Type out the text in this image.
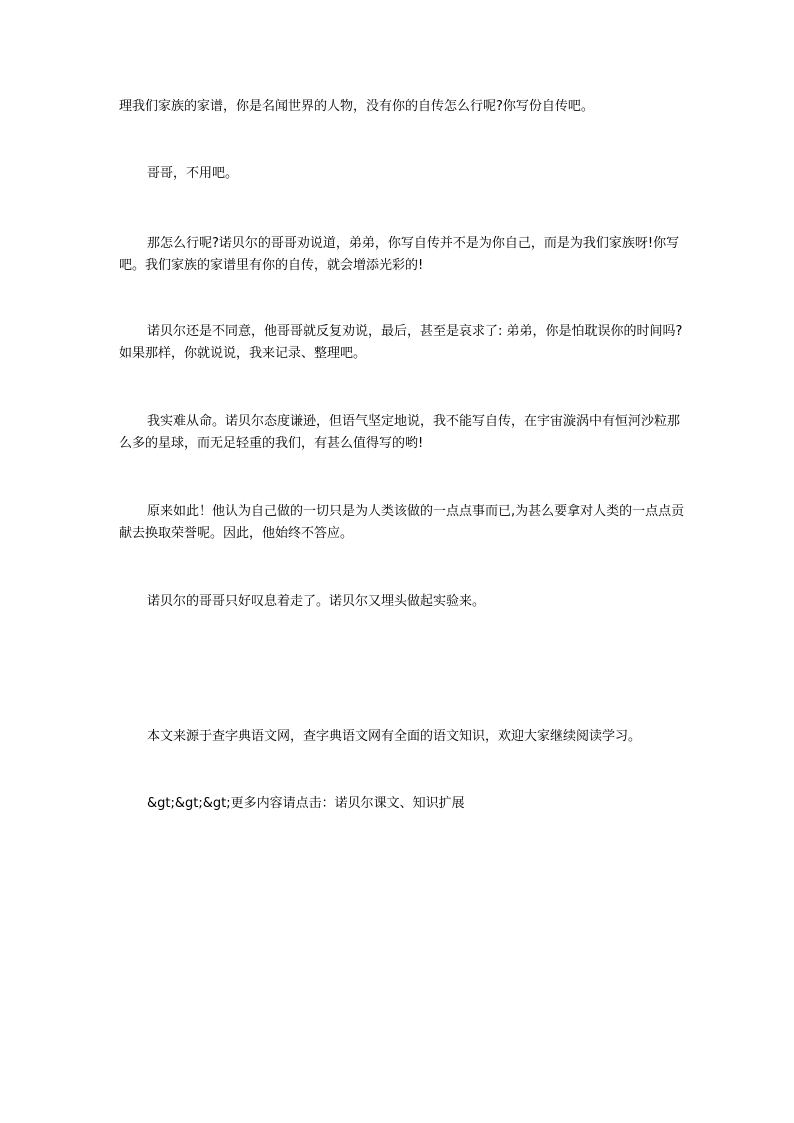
理我们家族的家谱，你是名闻世界的人物，没有你的自传怎么行呢?你写份自传吧。

哥哥，不用吧。

那怎么行呢?诺贝尔的哥哥劝说道，弟弟，你写自传并不是为你自己，而是为我们家族呀!你写吧。我们家族的家谱里有你的自传，就会增添光彩的!

诺贝尔还是不同意，他哥哥就反复劝说，最后，甚至是哀求了: 弟弟，你是怕耽误你的时间吗?如果那样，你就说说，我来记录、整理吧。

我实难从命。诺贝尔态度谦逊，但语气坚定地说，我不能写自传，在宇宙漩涡中有恒河沙粒那么多的星球，而无足轻重的我们，有甚么值得写的哟!

原来如此！他认为自己做的一切只是为人类该做的一点点事而已,为甚么要拿对人类的一点点贡献去换取荣誉呢。因此，他始终不答应。

诺贝尔的哥哥只好叹息着走了。诺贝尔又埋头做起实验来。

本文来源于查字典语文网，查字典语文网有全面的语文知识，欢迎大家继续阅读学习。

&gt;&gt;&gt;更多内容请点击：诺贝尔课文、知识扩展
